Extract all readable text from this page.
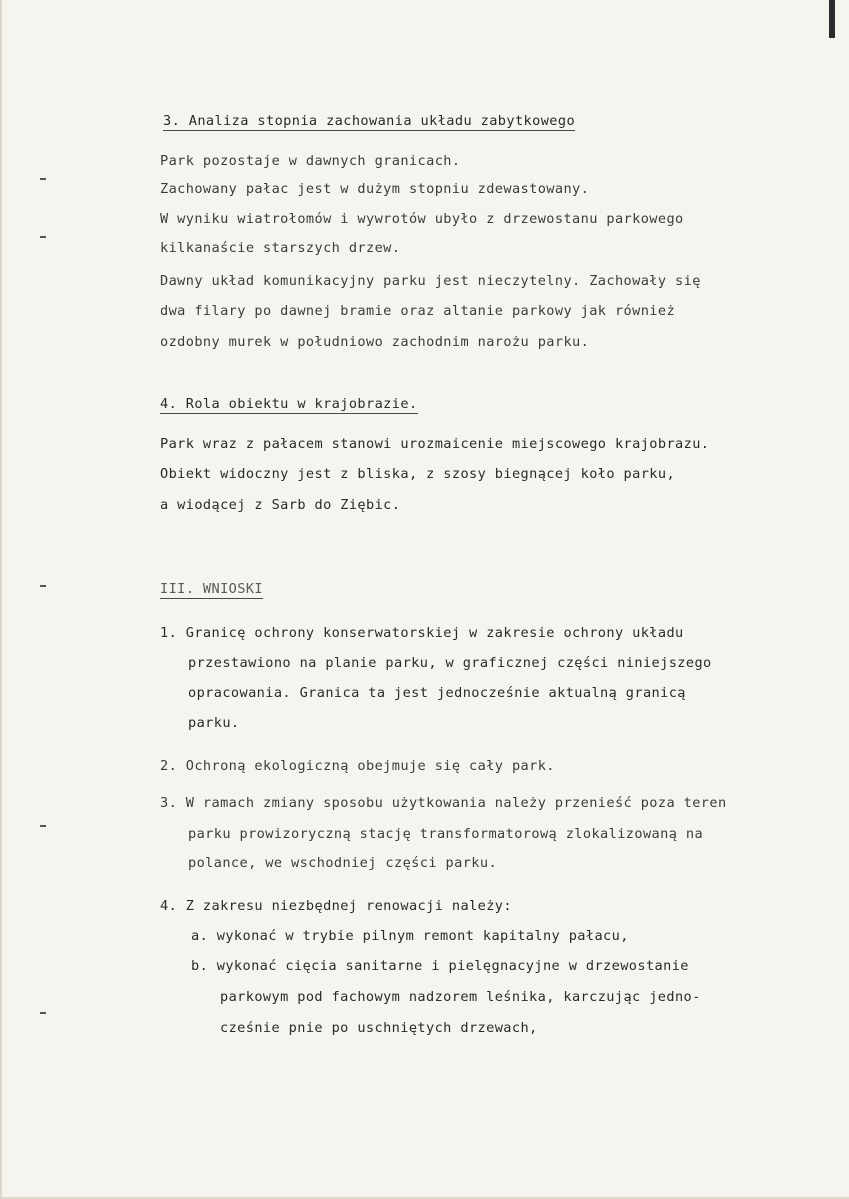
3. Analiza stopnia zachowania układu zabytkowego
Park pozostaje w dawnych granicach.
Zachowany pałac jest w dużym stopniu zdewastowany.
W wyniku wiatrołomów i wywrotów ubyło z drzewostanu parkowego
kilkanaście starszych drzew.
Dawny układ komunikacyjny parku jest nieczytelny. Zachowały się
dwa filary po dawnej bramie oraz altanie parkowy jak również
ozdobny murek w południowo zachodnim narożu parku.
4. Rola obiektu w krajobrazie.
Park wraz z pałacem stanowi urozmaicenie miejscowego krajobrazu.
Obiekt widoczny jest z bliska, z szosy biegnącej koło parku,
a wiodącej z Sarb do Ziębic.
III. WNIOSKI
1. Granicę ochrony konserwatorskiej w zakresie ochrony układu
przestawiono na planie parku, w graficznej części niniejszego
opracowania. Granica ta jest jednocześnie aktualną granicą
parku.
2. Ochroną ekologiczną obejmuje się cały park.
3. W ramach zmiany sposobu użytkowania należy przenieść poza teren
parku prowizoryczną stację transformatorową zlokalizowaną na
polance, we wschodniej części parku.
4. Z zakresu niezbędnej renowacji należy:
a. wykonać w trybie pilnym remont kapitalny pałacu,
b. wykonać cięcia sanitarne i pielęgnacyjne w drzewostanie
parkowym pod fachowym nadzorem leśnika, karczując jedno-
cześnie pnie po uschniętych drzewach,
